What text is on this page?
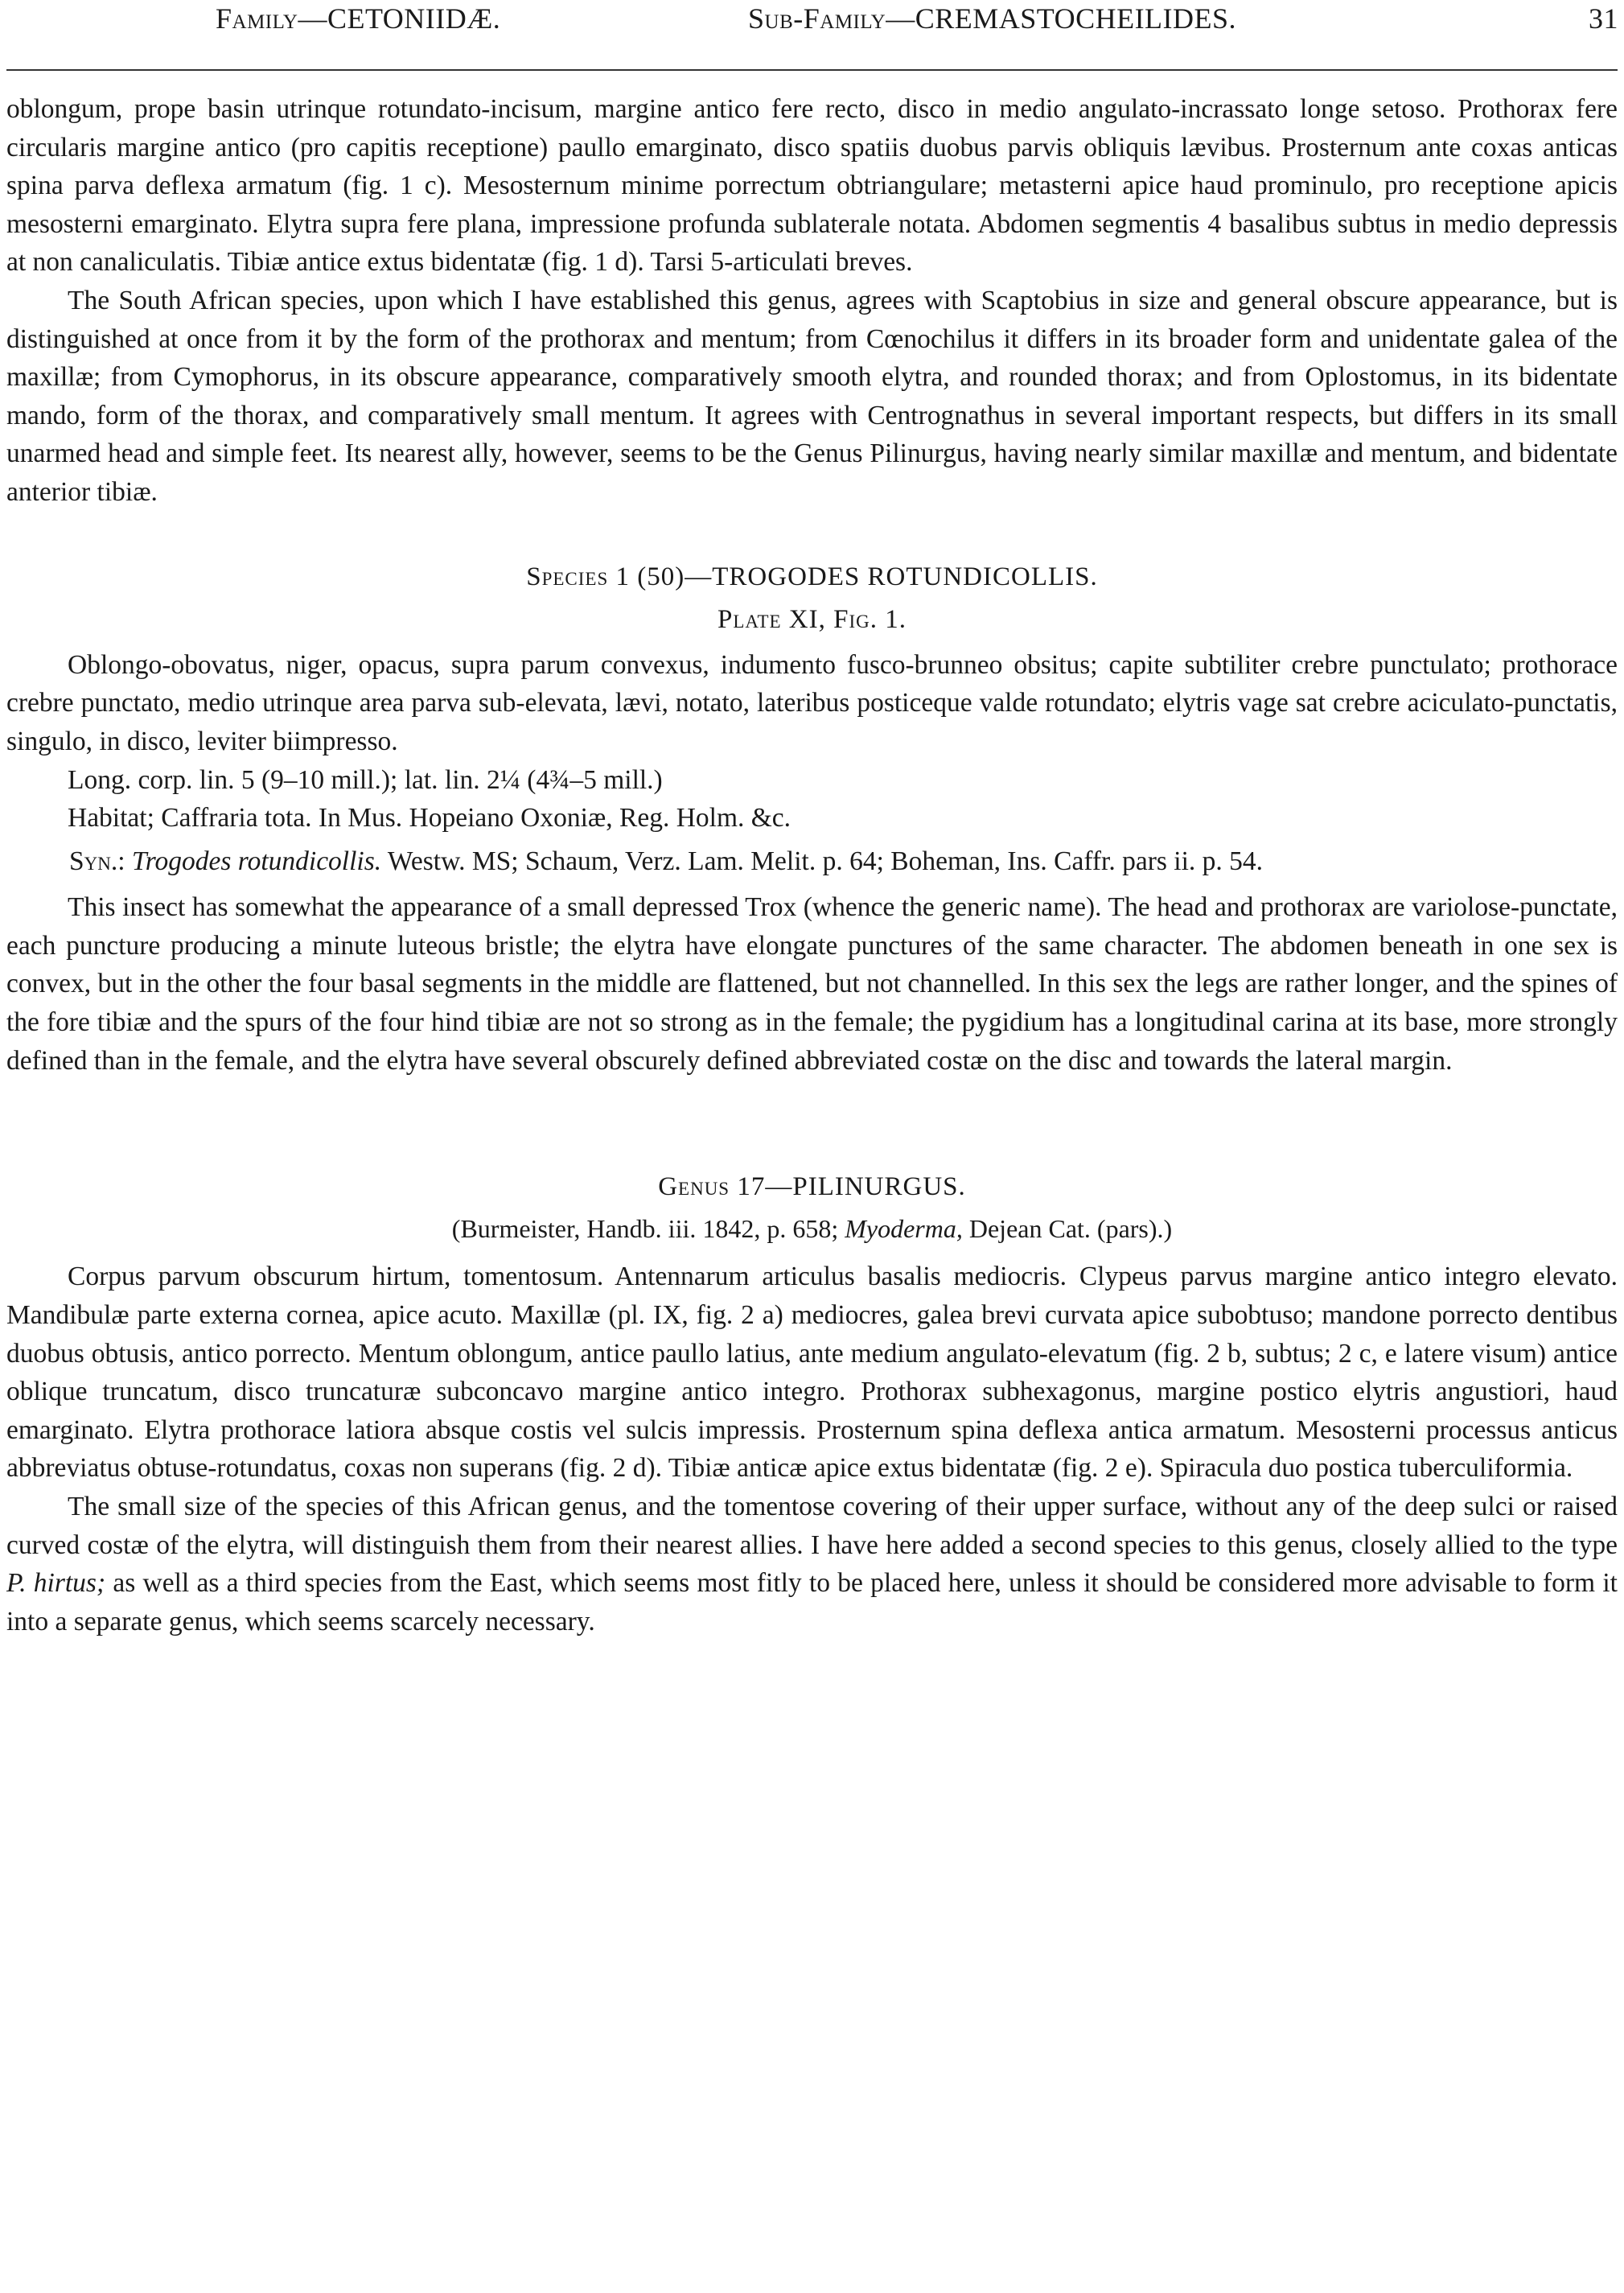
Family—CETONIIDÆ.	Sub-Family—CREMASTOCHEILIDES.	31

oblongum, prope basin utrinque rotundato-incisum, margine antico fere recto, disco in medio angulato-incrassato longe setoso. Prothorax fere circularis margine antico (pro capitis receptione) paullo emarginato, disco spatiis duobus parvis obliquis lævibus. Prosternum ante coxas anticas spina parva deflexa armatum (fig. 1 c). Mesosternum minime porrectum obtriangulare; metasterni apice haud prominulo, pro receptione apicis mesosterni emarginato. Elytra supra fere plana, impressione profunda sublaterale notata. Abdomen segmentis 4 basalibus subtus in medio depressis at non canaliculatis. Tibiæ antice extus bidentatæ (fig. 1 d). Tarsi 5-articulati breves.

The South African species, upon which I have established this genus, agrees with Scaptobius in size and general obscure appearance, but is distinguished at once from it by the form of the prothorax and mentum; from Cœnochilus it differs in its broader form and unidentate galea of the maxillæ; from Cymophorus, in its obscure appearance, comparatively smooth elytra, and rounded thorax; and from Oplostomus, in its bidentate mando, form of the thorax, and comparatively small mentum. It agrees with Centrognathus in several important respects, but differs in its small unarmed head and simple feet. Its nearest ally, however, seems to be the Genus Pilinurgus, having nearly similar maxillæ and mentum, and bidentate anterior tibiæ.

Species 1 (50)—TROGODES ROTUNDICOLLIS.

Plate XI, Fig. 1.

Oblongo-obovatus, niger, opacus, supra parum convexus, indumento fusco-brunneo obsitus; capite subtiliter crebre punctulato; prothorace crebre punctato, medio utrinque area parva sub-elevata, lævi, notato, lateribus posticeque valde rotundato; elytris vage sat crebre aciculato-punctatis, singulo, in disco, leviter biimpresso.

Long. corp. lin. 5 (9–10 mill.); lat. lin. 2¼ (4¾–5 mill.)

Habitat; Caffraria tota. In Mus. Hopeiano Oxoniæ, Reg. Holm. &c.

Syn.: Trogodes rotundicollis. Westw. MS; Schaum, Verz. Lam. Melit. p. 64; Boheman, Ins. Caffr. pars ii. p. 54.

This insect has somewhat the appearance of a small depressed Trox (whence the generic name). The head and prothorax are variolose-punctate, each puncture producing a minute luteous bristle; the elytra have elongate punctures of the same character. The abdomen beneath in one sex is convex, but in the other the four basal segments in the middle are flattened, but not channelled. In this sex the legs are rather longer, and the spines of the fore tibiæ and the spurs of the four hind tibiæ are not so strong as in the female; the pygidium has a longitudinal carina at its base, more strongly defined than in the female, and the elytra have several obscurely defined abbreviated costæ on the disc and towards the lateral margin.

Genus 17—PILINURGUS.

(Burmeister, Handb. iii. 1842, p. 658; Myoderma, Dejean Cat. (pars).)

Corpus parvum obscurum hirtum, tomentosum. Antennarum articulus basalis mediocris. Clypeus parvus margine antico integro elevato. Mandibulæ parte externa cornea, apice acuto. Maxillæ (pl. IX, fig. 2 a) mediocres, galea brevi curvata apice subobtuso; mandone porrecto dentibus duobus obtusis, antico porrecto. Mentum oblongum, antice paullo latius, ante medium angulato-elevatum (fig. 2 b, subtus; 2 c, e latere visum) antice oblique truncatum, disco truncaturæ subconcavo margine antico integro. Prothorax subhexagonus, margine postico elytris angustiori, haud emarginato. Elytra prothorace latiora absque costis vel sulcis impressis. Prosternum spina deflexa antica armatum. Mesosterni processus anticus abbreviatus obtuse-rotundatus, coxas non superans (fig. 2 d). Tibiæ anticæ apice extus bidentatæ (fig. 2 e). Spiracula duo postica tuberculiformia.

The small size of the species of this African genus, and the tomentose covering of their upper surface, without any of the deep sulci or raised curved costæ of the elytra, will distinguish them from their nearest allies. I have here added a second species to this genus, closely allied to the type P. hirtus; as well as a third species from the East, which seems most fitly to be placed here, unless it should be considered more advisable to form it into a separate genus, which seems scarcely necessary.
